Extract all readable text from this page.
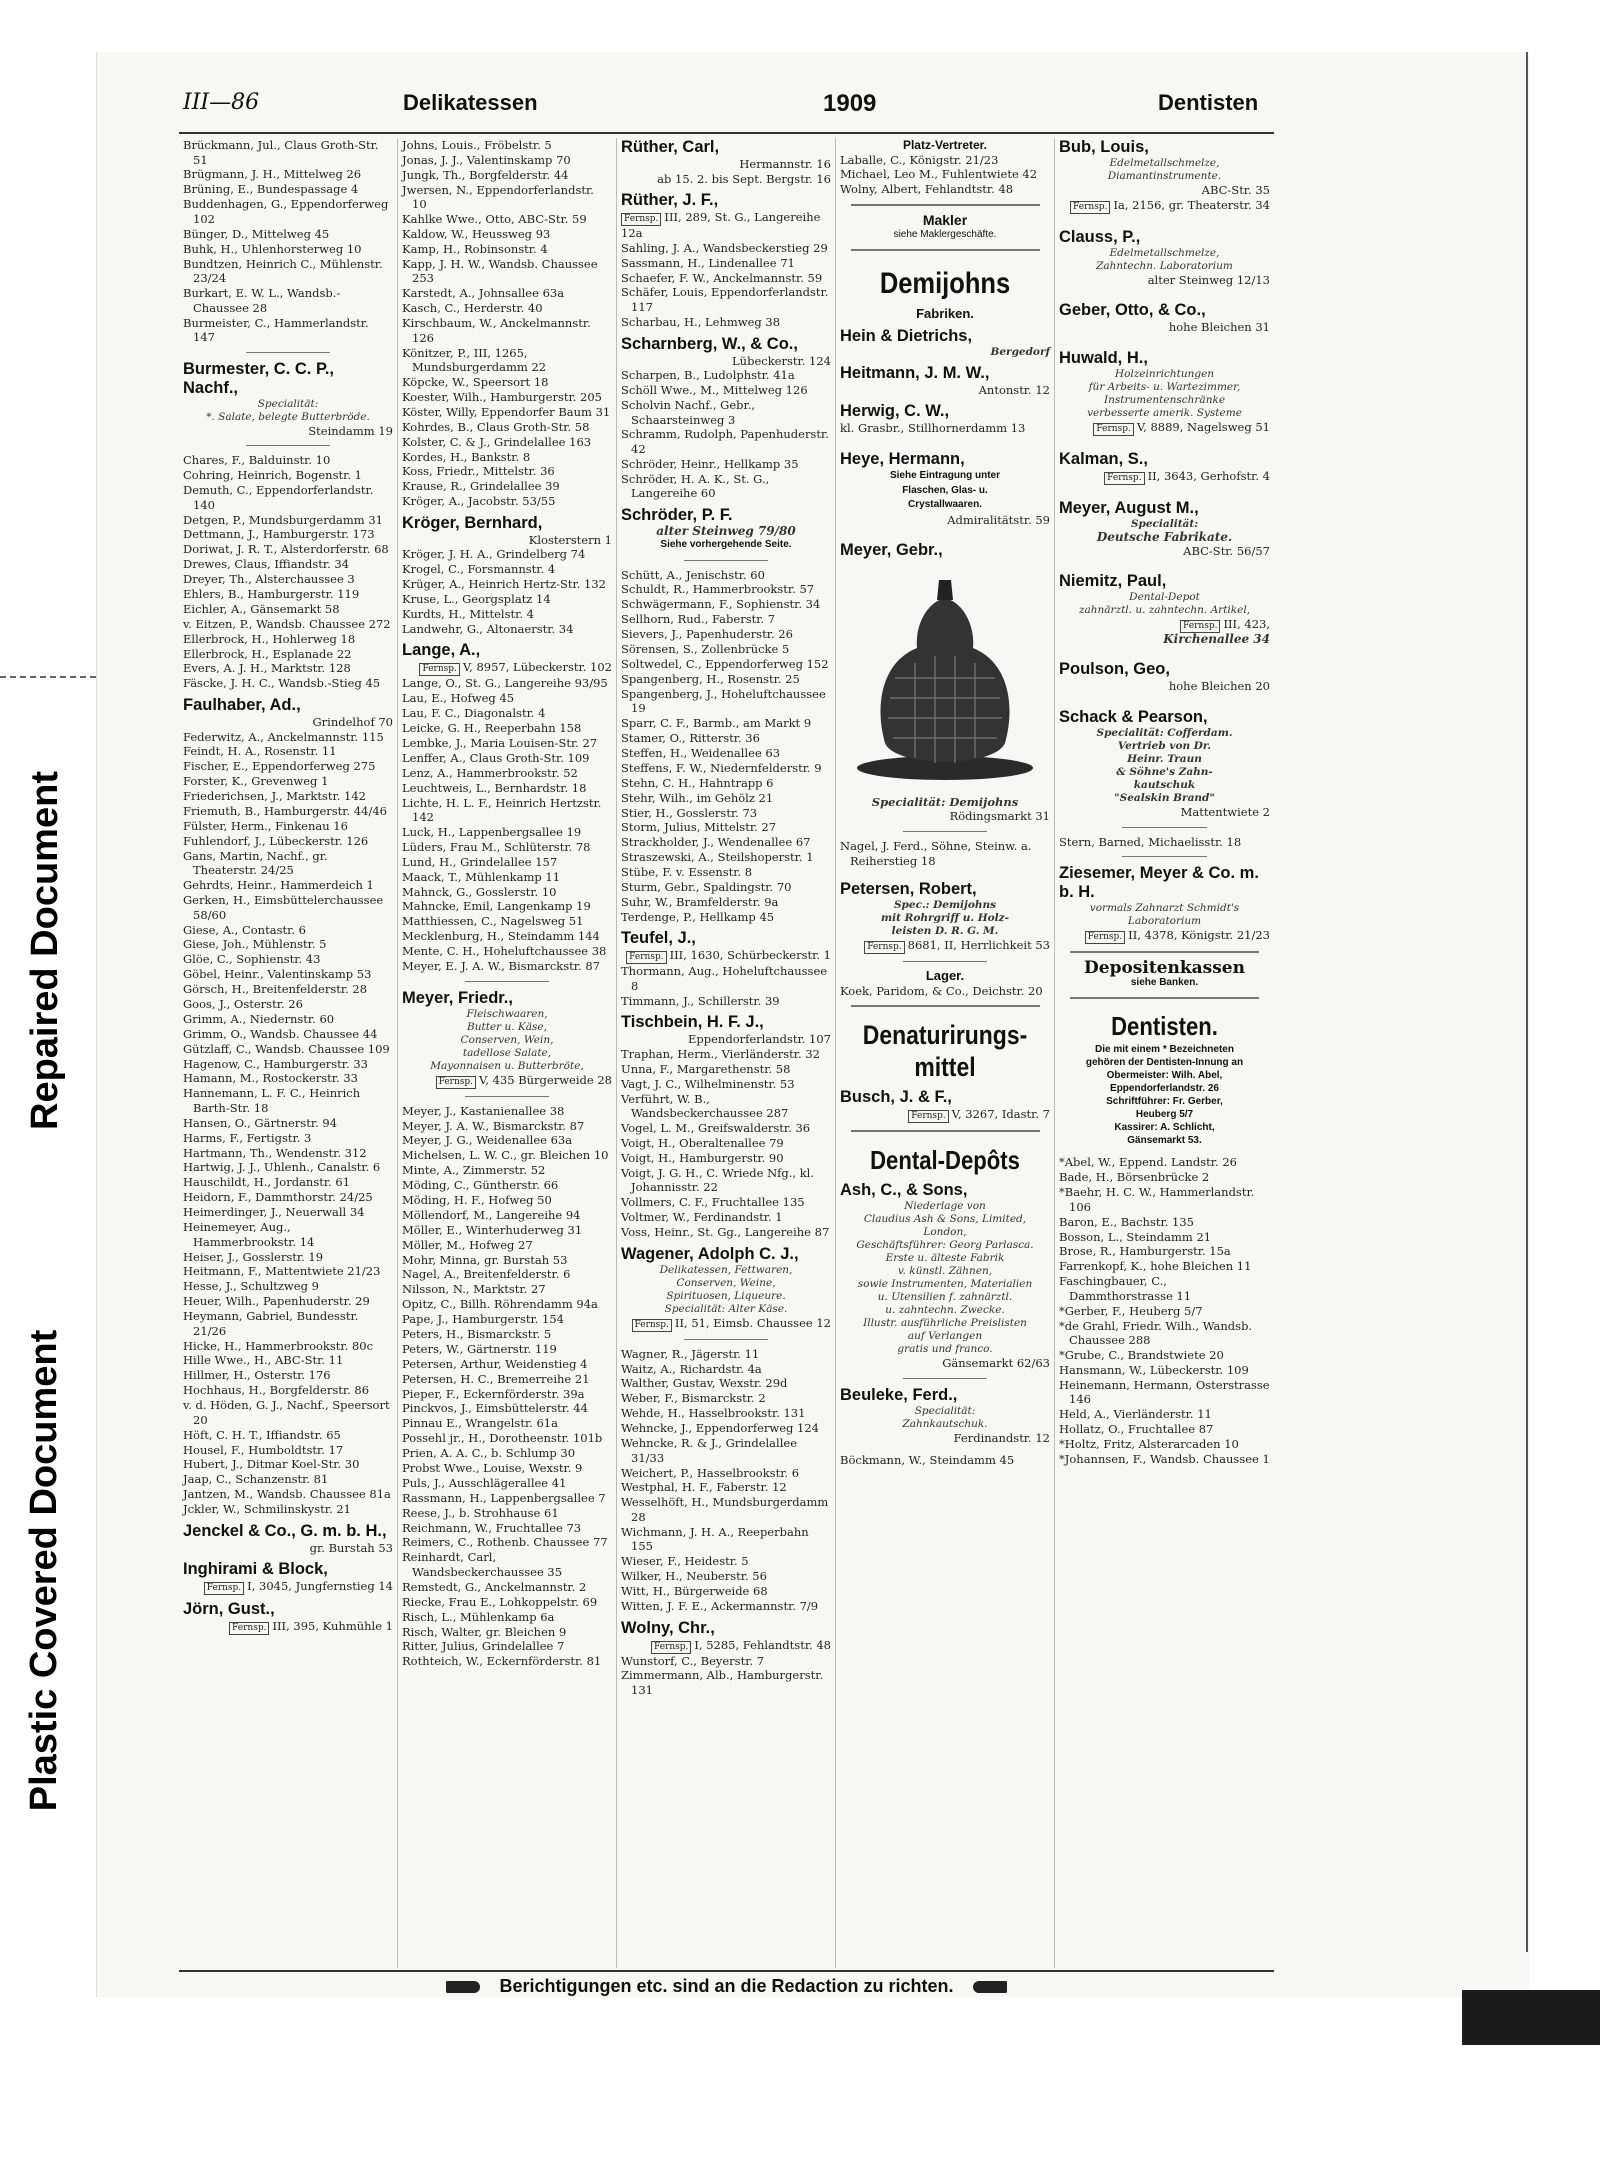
Repaired Document
Plastic Covered Document
III—86	Delikatessen	1909	Dentisten
Brückmann, Jul., Claus Groth-Str. 51
Brügmann, J. H., Mittelweg 26
Brüning, E., Bundespassage 4
Buddenhagen, G., Eppendorferweg 102
Bünger, D., Mittelweg 45
Buhk, H., Uhlenhorsterweg 10
Bundtzen, Heinrich C., Mühlenstr. 23/24
Burkart, E. W. L., Wandsb.-Chaussee 28
Burmeister, C., Hammerlandstr. 147
Burmester, C. C. P., Nachf.,
Specialität:
*. Salate, belegte Butterbröde.
Steindamm 19
Chares, F., Balduinstr. 10
Cohring, Heinrich, Bogenstr. 1
Demuth, C., Eppendorferlandstr. 140
Detgen, P., Mundsburgerdamm 31
Dettmann, J., Hamburgerstr. 173
Doriwat, J. R. T., Alsterdorferstr. 68
Drewes, Claus, Iffiandstr. 34
Dreyer, Th., Alsterchaussee 3
Ehlers, B., Hamburgerstr. 119
Eichler, A., Gänsemarkt 58
v. Eitzen, P., Wandsb. Chaussee 272
Ellerbrock, H., Hohlerweg 18
Ellerbrock, H., Esplanade 22
Evers, A. J. H., Marktstr. 128
Fäscke, J. H. C., Wandsb.-Stieg 45
Faulhaber, Ad.,
Grindelhof 70
Federwitz, A., Anckelmannstr. 115
Feindt, H. A., Rosenstr. 11
Fischer, E., Eppendorferweg 275
Forster, K., Grevenweg 1
Friederichsen, J., Marktstr. 142
Friemuth, B., Hamburgerstr. 44/46
Fülster, Herm., Finkenau 16
Fuhlendorf, J., Lübeckerstr. 126
Gans, Martin, Nachf., gr. Theaterstr. 24/25
Gehrdts, Heinr., Hammerdeich 1
Gerken, H., Eimsbüttelerchaussee 58/60
Giese, A., Contastr. 6
Giese, Joh., Mühlenstr. 5
Glöe, C., Sophienstr. 43
Göbel, Heinr., Valentinskamp 53
Görsch, H., Breitenfelderstr. 28
Goos, J., Osterstr. 26
Grimm, A., Niedernstr. 60
Grimm, O., Wandsb. Chaussee 44
Gützlaff, C., Wandsb. Chaussee 109
Hagenow, C., Hamburgerstr. 33
Hamann, M., Rostockerstr. 33
Hannemann, L. F. C., Heinrich Barth-Str. 18
Hansen, O., Gärtnerstr. 94
Harms, F., Fertigstr. 3
Hartmann, Th., Wendenstr. 312
Hartwig, J. J., Uhlenh., Canalstr. 6
Hauschildt, H., Jordanstr. 61
Heidorn, F., Dammthorstr. 24/25
Heimerdinger, J., Neuerwall 34
Heinemeyer, Aug., Hammerbrookstr. 14
Heiser, J., Gosslerstr. 19
Heitmann, F., Mattentwiete 21/23
Hesse, J., Schultzweg 9
Heuer, Wilh., Papenhuderstr. 29
Heymann, Gabriel, Bundesstr. 21/26
Hicke, H., Hammerbrookstr. 80c
Hille Wwe., H., ABC-Str. 11
Hillmer, H., Osterstr. 176
Hochhaus, H., Borgfelderstr. 86
v. d. Höden, G. J., Nachf., Speersort 20
Höft, C. H. T., Iffiandstr. 65
Housel, F., Humboldtstr. 17
Hubert, J., Ditmar Koel-Str. 30
Jaap, C., Schanzenstr. 81
Jantzen, M., Wandsb. Chaussee 81a
Jckler, W., Schmilinskystr. 21
Jenckel & Co., G. m. b. H.,
gr. Burstah 53
Inghirami & Block,
Fernsp. I, 3045, Jungfernstieg 14
Jörn, Gust.,
Fernsp. III, 395, Kuhmühle 1
Johns, Louis., Fröbelstr. 5
Jonas, J. J., Valentinskamp 70
Jungk, Th., Borgfelderstr. 44
Jwersen, N., Eppendorferlandstr. 10
Kahlke Wwe., Otto, ABC-Str. 59
Kaldow, W., Heussweg 93
Kamp, H., Robinsonstr. 4
Kapp, J. H. W., Wandsb. Chaussee 253
Karstedt, A., Johnsallee 63a
Kasch, C., Herderstr. 40
Kirschbaum, W., Anckelmannstr. 126
Könitzer, P., III, 1265, Mundsburgerdamm 22
Köpcke, W., Speersort 18
Koester, Wilh., Hamburgerstr. 205
Köster, Willy, Eppendorfer Baum 31
Kohrdes, B., Claus Groth-Str. 58
Kolster, C. & J., Grindelallee 163
Kordes, H., Bankstr. 8
Koss, Friedr., Mittelstr. 36
Krause, R., Grindelallee 39
Kröger, A., Jacobstr. 53/55
Kröger, Bernhard,
Klosterstern 1
Kröger, J. H. A., Grindelberg 74
Krogel, C., Forsmannstr. 4
Krüger, A., Heinrich Hertz-Str. 132
Kruse, L., Georgsplatz 14
Kurdts, H., Mittelstr. 4
Landwehr, G., Altonaerstr. 34
Lange, A.,
Fernsp. V, 8957, Lübeckerstr. 102
Lange, O., St. G., Langereihe 93/95
Lau, E., Hofweg 45
Lau, F. C., Diagonalstr. 4
Leicke, G. H., Reeperbahn 158
Lembke, J., Maria Louisen-Str. 27
Lenffer, A., Claus Groth-Str. 109
Lenz, A., Hammerbrookstr. 52
Leuchtweis, L., Bernhardstr. 18
Lichte, H. L. F., Heinrich Hertzstr. 142
Luck, H., Lappenbergsallee 19
Lüders, Frau M., Schlüterstr. 78
Lund, H., Grindelallee 157
Maack, T., Mühlenkamp 11
Mahnck, G., Gosslerstr. 10
Mahncke, Emil, Langenkamp 19
Matthiessen, C., Nagelsweg 51
Mecklenburg, H., Steindamm 144
Mente, C. H., Hoheluftchaussee 38
Meyer, E. J. A. W., Bismarckstr. 87
Meyer, Friedr.,
Fleischwaaren,
Butter u. Käse,
Conserven, Wein,
tadellose Salate,
Mayonnaisen u. Butterbröte,
Fernsp. V, 435 Bürgerweide 28
Meyer, J., Kastanienallee 38
Meyer, J. A. W., Bismarckstr. 87
Meyer, J. G., Weidenallee 63a
Michelsen, L. W. C., gr. Bleichen 10
Minte, A., Zimmerstr. 52
Möding, C., Güntherstr. 66
Möding, H. F., Hofweg 50
Möllendorf, M., Langereihe 94
Möller, E., Winterhuderweg 31
Möller, M., Hofweg 27
Mohr, Minna, gr. Burstah 53
Nagel, A., Breitenfelderstr. 6
Nilsson, N., Marktstr. 27
Opitz, C., Billh. Röhrendamm 94a
Pape, J., Hamburgerstr. 154
Peters, H., Bismarckstr. 5
Peters, W., Gärtnerstr. 119
Petersen, Arthur, Weidenstieg 4
Petersen, H. C., Bremerreihe 21
Pieper, F., Eckernförderstr. 39a
Pinckvos, J., Eimsbüttelerstr. 44
Pinnau E., Wrangelstr. 61a
Possehl jr., H., Dorotheenstr. 101b
Prien, A. A. C., b. Schlump 30
Probst Wwe., Louise, Wexstr. 9
Puls, J., Ausschlägerallee 41
Rassmann, H., Lappenbergsallee 7
Reese, J., b. Strohhause 61
Reichmann, W., Fruchtallee 73
Reimers, C., Rothenb. Chaussee 77
Reinhardt, Carl, Wandsbeckerchaussee 35
Remstedt, G., Anckelmannstr. 2
Riecke, Frau E., Lohkoppelstr. 69
Risch, L., Mühlenkamp 6a
Risch, Walter, gr. Bleichen 9
Ritter, Julius, Grindelallee 7
Rothteich, W., Eckernförderstr. 81
Rüther, Carl,
Hermannstr. 16
ab 15. 2. bis Sept. Bergstr. 16
Rüther, J. F.,
Fernsp. III, 289, St. G., Langereihe 12a
Sahling, J. A., Wandsbeckerstieg 29
Sassmann, H., Lindenallee 71
Schaefer, F. W., Anckelmannstr. 59
Schäfer, Louis, Eppendorferlandstr. 117
Scharbau, H., Lehmweg 38
Scharnberg, W., & Co.,
Lübeckerstr. 124
Scharpen, B., Ludolphstr. 41a
Schöll Wwe., M., Mittelweg 126
Scholvin Nachf., Gebr., Schaarsteinweg 3
Schramm, Rudolph, Papenhuderstr. 42
Schröder, Heinr., Hellkamp 35
Schröder, H. A. K., St. G., Langereihe 60
Schröder, P. F.
alter Steinweg 79/80
Siehe vorhergehende Seite.
Schütt, A., Jenischstr. 60
Schuldt, R., Hammerbrookstr. 57
Schwägermann, F., Sophienstr. 34
Sellhorn, Rud., Faberstr. 7
Sievers, J., Papenhuderstr. 26
Sörensen, S., Zollenbrücke 5
Soltwedel, C., Eppendorferweg 152
Spangenberg, H., Rosenstr. 25
Spangenberg, J., Hoheluftchaussee 19
Sparr, C. F., Barmb., am Markt 9
Stamer, O., Ritterstr. 36
Steffen, H., Weidenallee 63
Steffens, F. W., Niedernfelderstr. 9
Stehn, C. H., Hahntrapp 6
Stehr, Wilh., im Gehölz 21
Stier, H., Gosslerstr. 73
Storm, Julius, Mittelstr. 27
Strackholder, J., Wendenallee 67
Straszewski, A., Steilshoperstr. 1
Stübe, F. v. Essenstr. 8
Sturm, Gebr., Spaldingstr. 70
Suhr, W., Bramfelderstr. 9a
Terdenge, P., Hellkamp 45
Teufel, J.,
Fernsp. III, 1630, Schürbeckerstr. 1
Thormann, Aug., Hoheluftchaussee 8
Timmann, J., Schillerstr. 39
Tischbein, H. F. J.,
Eppendorferlandstr. 107
Traphan, Herm., Vierländerstr. 32
Unna, F., Margarethenstr. 58
Vagt, J. C., Wilhelminenstr. 53
Verführt, W. B., Wandsbeckerchaussee 287
Vogel, L. M., Greifswalderstr. 36
Voigt, H., Oberaltenallee 79
Voigt, H., Hamburgerstr. 90
Voigt, J. G. H., C. Wriede Nfg., kl. Johannisstr. 22
Vollmers, C. F., Fruchtallee 135
Voltmer, W., Ferdinandstr. 1
Voss, Heinr., St. Gg., Langereihe 87
Wagener, Adolph C. J.,
Delikatessen, Fettwaren,
Conserven, Weine,
Spirituosen, Liqueure.
Specialität: Alter Käse.
Fernsp. II, 51, Eimsb. Chaussee 12
Wagner, R., Jägerstr. 11
Waitz, A., Richardstr. 4a
Walther, Gustav, Wexstr. 29d
Weber, F., Bismarckstr. 2
Wehde, H., Hasselbrookstr. 131
Wehncke, J., Eppendorferweg 124
Wehncke, R. & J., Grindelallee 31/33
Weichert, P., Hasselbrookstr. 6
Westphal, H. F., Faberstr. 12
Wesselhöft, H., Mundsburgerdamm 28
Wichmann, J. H. A., Reeperbahn 155
Wieser, F., Heidestr. 5
Wilker, H., Neuberstr. 56
Witt, H., Bürgerweide 68
Witten, J. F. E., Ackermannstr. 7/9
Wolny, Chr.,
Fernsp. I, 5285, Fehlandtstr. 48
Wunstorf, C., Beyerstr. 7
Zimmermann, Alb., Hamburgerstr. 131
Platz-Vertreter.
Laballe, C., Königstr. 21/23
Michael, Leo M., Fuhlentwiete 42
Wolny, Albert, Fehlandtstr. 48
Makler
siehe Maklergeschäfte.
Demijohns
Fabriken.
Hein & Dietrichs,
Bergedorf
Heitmann, J. M. W.,
Antonstr. 12
Herwig, C. W.,
kl. Grasbr., Stillhornerdamm 13
Heye, Hermann,
Siehe Eintragung unter
Flaschen, Glas- u.
Crystallwaaren.
Admiralitätstr. 59
Meyer, Gebr.,
Specialität: Demijohns
Rödingsmarkt 31
Nagel, J. Ferd., Söhne, Steinw. a. Reiherstieg 18
Petersen, Robert,
Spec.: Demijohns
mit Rohrgriff u. Holz-
leisten D. R. G. M.
Fernsp. 8681, II, Herrlichkeit 53
Lager.
Koek, Paridom, & Co., Deichstr. 20
Denaturirungs-
mittel
Busch, J. & F.,
Fernsp. V, 3267, Idastr. 7
Dental-Depôts
Ash, C., & Sons,
Niederlage von
Claudius Ash & Sons, Limited,
London,
Geschäftsführer: Georg Parlasca.
Erste u. älteste Fabrik
v. künstl. Zähnen,
sowie Instrumenten, Materialien
u. Utensilien f. zahnärztl.
u. zahntechn. Zwecke.
Illustr. ausführliche Preislisten
auf Verlangen
gratis und franco.
Gänsemarkt 62/63
Beuleke, Ferd.,
Specialität:
Zahnkautschuk.
Ferdinandstr. 12
Böckmann, W., Steindamm 45
Bub, Louis,
Edelmetallschmelze,
Diamantinstrumente.
ABC-Str. 35
Fernsp. Ia, 2156, gr. Theaterstr. 34
Clauss, P.,
Edelmetallschmelze,
Zahntechn. Laboratorium
alter Steinweg 12/13
Geber, Otto, & Co.,
hohe Bleichen 31
Huwald, H.,
Holzeinrichtungen
für Arbeits- u. Wartezimmer,
Instrumentenschränke
verbesserte amerik. Systeme
Fernsp. V, 8889, Nagelsweg 51
Kalman, S.,
Fernsp. II, 3643, Gerhofstr. 4
Meyer, August M.,
Specialität:
Deutsche Fabrikate.
ABC-Str. 56/57
Niemitz, Paul,
Dental-Depot
zahnärztl. u. zahntechn. Artikel,
Fernsp. III, 423,
Kirchenallee 34
Poulson, Geo,
hohe Bleichen 20
Schack & Pearson,
Specialität: Cofferdam.
Vertrieb von Dr.
Heinr. Traun
& Söhne's Zahn-
kautschuk
"Sealskin Brand"
Mattentwiete 2
Stern, Barned, Michaelisstr. 18
Ziesemer, Meyer & Co. m. b. H.
vormals Zahnarzt Schmidt's
Laboratorium
Fernsp. II, 4378, Königstr. 21/23
Depositenkassen
siehe Banken.
Dentisten.
Die mit einem * Bezeichneten
gehören der Dentisten-Innung an
Obermeister: Wilh. Abel,
Eppendorferlandstr. 26
Schriftführer: Fr. Gerber,
Heuberg 5/7
Kassirer: A. Schlicht,
Gänsemarkt 53.
*Abel, W., Eppend. Landstr. 26
Bade, H., Börsenbrücke 2
*Baehr, H. C. W., Hammerlandstr. 106
Baron, E., Bachstr. 135
Bosson, L., Steindamm 21
Brose, R., Hamburgerstr. 15a
Farrenkopf, K., hohe Bleichen 11
Faschingbauer, C., Dammthorstrasse 11
*Gerber, F., Heuberg 5/7
*de Grahl, Friedr. Wilh., Wandsb. Chaussee 288
*Grube, C., Brandstwiete 20
Hansmann, W., Lübeckerstr. 109
Heinemann, Hermann, Osterstrasse 146
Held, A., Vierländerstr. 11
Hollatz, O., Fruchtallee 87
*Holtz, Fritz, Alsterarcaden 10
*Johannsen, F., Wandsb. Chaussee 1
Berichtigungen etc. sind an die Redaction zu richten.
